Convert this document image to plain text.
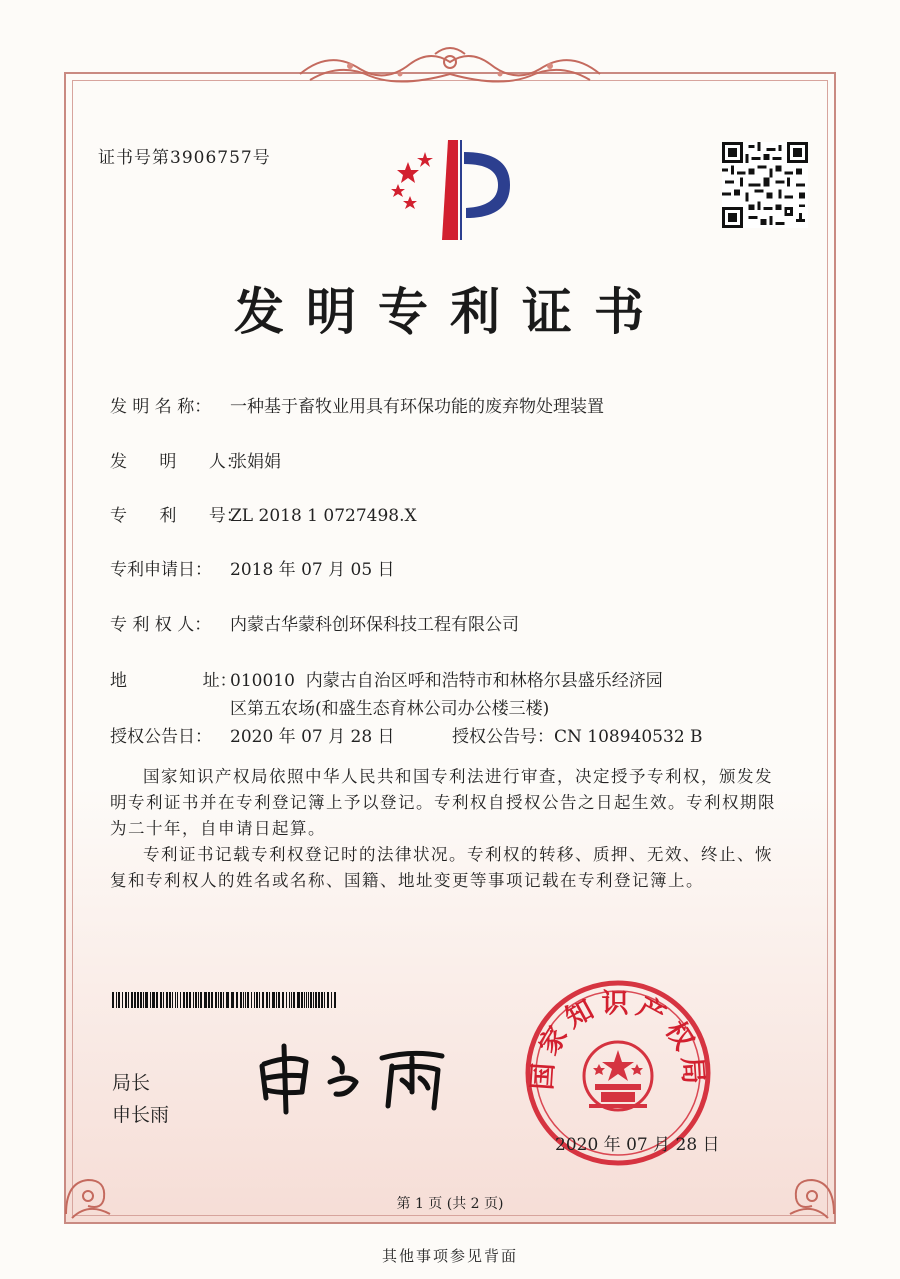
证书号第3906757号
发明专利证书
发 明 名 称： 一种基于畜牧业用具有环保功能的废弃物处理装置
发      明      人：张娟娟
专      利      号：ZL 2018 1 0727498.X
专利申请日： 2018 年 07 月 05 日
专 利 权 人： 内蒙古华蒙科创环保科技工程有限公司
地              址：010010  内蒙古自治区呼和浩特市和林格尔县盛乐经济园
区第五农场(和盛生态育林公司办公楼三楼)
授权公告日： 2020 年 07 月 28 日	授权公告号：CN 108940532 B
国家知识产权局依照中华人民共和国专利法进行审查，决定授予专利权，颁发发明专利证书并在专利登记簿上予以登记。专利权自授权公告之日起生效。专利权期限为二十年，自申请日起算。
专利证书记载专利权登记时的法律状况。专利权的转移、质押、无效、终止、恢复和专利权人的姓名或名称、国籍、地址变更等事项记载在专利登记簿上。
局长
申长雨
国家知识产权局
2020 年 07 月 28 日
第 1 页 (共 2 页)
其他事项参见背面
